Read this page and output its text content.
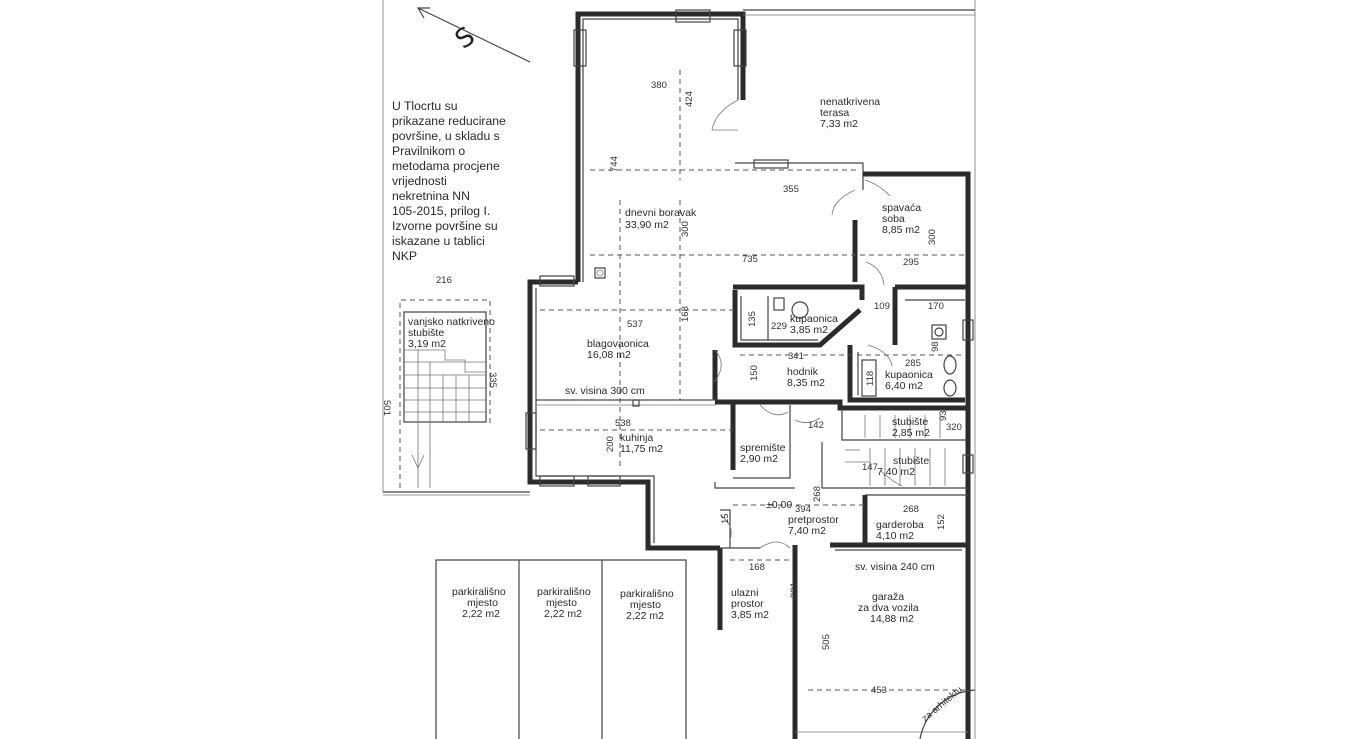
S
U Tlocrtu su
prikazane reducirane
površine, u skladu s
Pravilnikom o
metodama procjene
vrijednosti
nekretnina NN
105-2015, prilog I.
Izvorne površine su
iskazane u tablici
NKP
za arhitektu
nenatkrivena
terasa
7,33 m2
dnevni boravak
33,90 m2
spavaća
soba
8,85 m2
kupaonica
3,85 m2
blagovaonica
16,08 m2
hodnik
8,35 m2
kupaonica
6,40 m2
stubište
2,85 m2
stubište
7,40 m2
kuhinja
11,75 m2	spremište
2,90 m2
pretprostor
7,40 m2	garderoba
4,10 m2
ulazni
prostor
3,85 m2
garaža
za dva vozila
14,88 m2
vanjsko natkriveno
stubište
3,19 m2
parkirališno
mjesto
2,22 m2
parkirališno
mjesto
2,22 m2
parkirališno
mjesto
2,22 m2
sv. visina 300 cm
sv. visina 240 cm
±0,00
380
424
744
355
300
300
735	295
109	170
537
168	135 229
341
150	118
285
98
538
200
142
93
320
268
394	268
152
168
231
505
453
216
335
501
147
15
